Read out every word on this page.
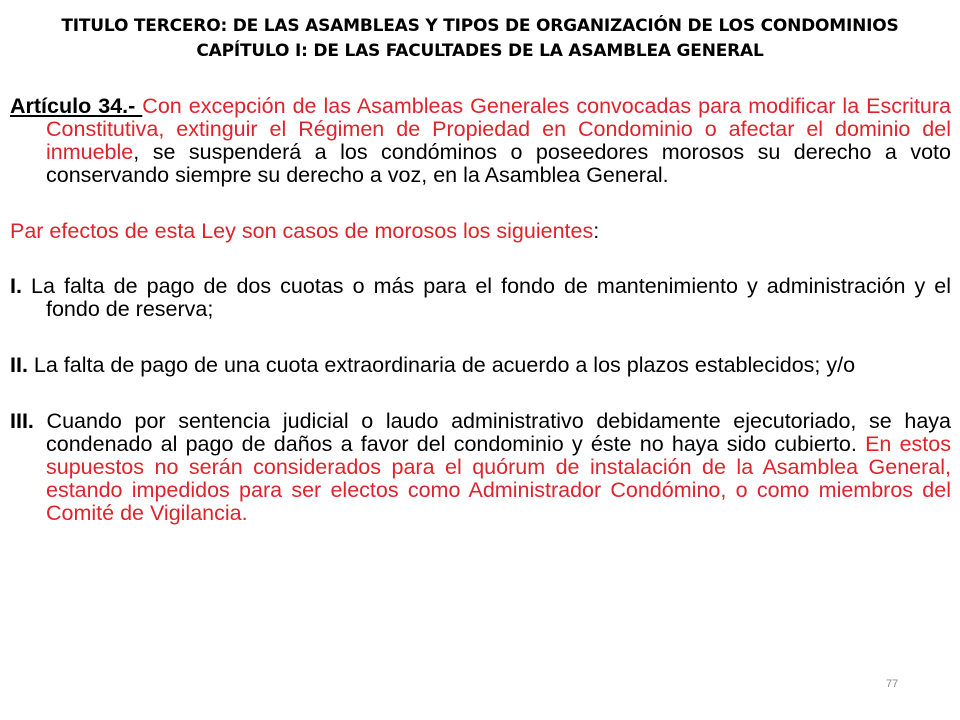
TITULO TERCERO: DE LAS ASAMBLEAS Y TIPOS DE ORGANIZACIÓN DE LOS CONDOMINIOS
CAPÍTULO I: DE LAS FACULTADES DE LA ASAMBLEA GENERAL

Artículo 34.- Con excepción de las Asambleas Generales convocadas para modificar la Escritura Constitutiva, extinguir el Régimen de Propiedad en Condominio o afectar el dominio del inmueble, se suspenderá a los condóminos o poseedores morosos su derecho a voto conservando siempre su derecho a voz, en la Asamblea General.

Par efectos de esta Ley son casos de morosos los siguientes:

I. La falta de pago de dos cuotas o más para el fondo de mantenimiento y administración y el fondo de reserva;

II. La falta de pago de una cuota extraordinaria de acuerdo a los plazos establecidos; y/o

III. Cuando por sentencia judicial o laudo administrativo debidamente ejecutoriado, se haya condenado al pago de daños a favor del condominio y éste no haya sido cubierto. En estos supuestos no serán considerados para el quórum de instalación de la Asamblea General, estando impedidos para ser electos como Administrador Condómino, o como miembros del Comité de Vigilancia.

77
